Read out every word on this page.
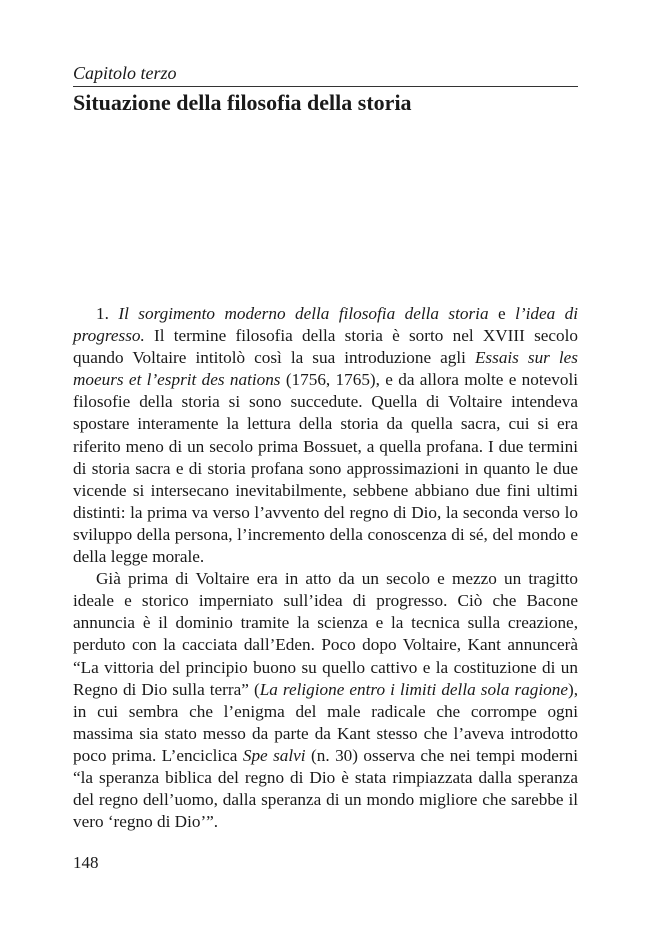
Capitolo terzo
Situazione della filosofia della storia

1. Il sorgimento moderno della filosofia della storia e l’idea di progresso. Il termine filosofia della storia è sorto nel XVIII secolo quando Voltaire intitolò così la sua introduzione agli Essais sur les moeurs et l’esprit des nations (1756, 1765), e da allora molte e notevoli filosofie della storia si sono succedute. Quella di Voltaire intendeva spostare interamente la lettura della storia da quella sacra, cui si era riferito meno di un secolo prima Bossuet, a quella profana. I due termini di storia sacra e di storia profana sono approssimazioni in quanto le due vicende si intersecano inevitabilmente, sebbene abbiano due fini ultimi distinti: la prima va verso l’avvento del regno di Dio, la seconda verso lo sviluppo della persona, l’incremento della conoscenza di sé, del mondo e della legge morale.

Già prima di Voltaire era in atto da un secolo e mezzo un tragitto ideale e storico imperniato sull’idea di progresso. Ciò che Bacone annuncia è il dominio tramite la scienza e la tecnica sulla creazione, perduto con la cacciata dall’Eden. Poco dopo Voltaire, Kant annuncerà “La vittoria del principio buono su quello cattivo e la costituzione di un Regno di Dio sulla terra” (La religione entro i limiti della sola ragione), in cui sembra che l’enigma del male radicale che corrompe ogni massima sia stato messo da parte da Kant stesso che l’aveva introdotto poco prima. L’enciclica Spe salvi (n. 30) osserva che nei tempi moderni “la speranza biblica del regno di Dio è stata rimpiazzata dalla speranza del regno dell’uomo, dalla speranza di un mondo migliore che sarebbe il vero ‘regno di Dio’”.

148
